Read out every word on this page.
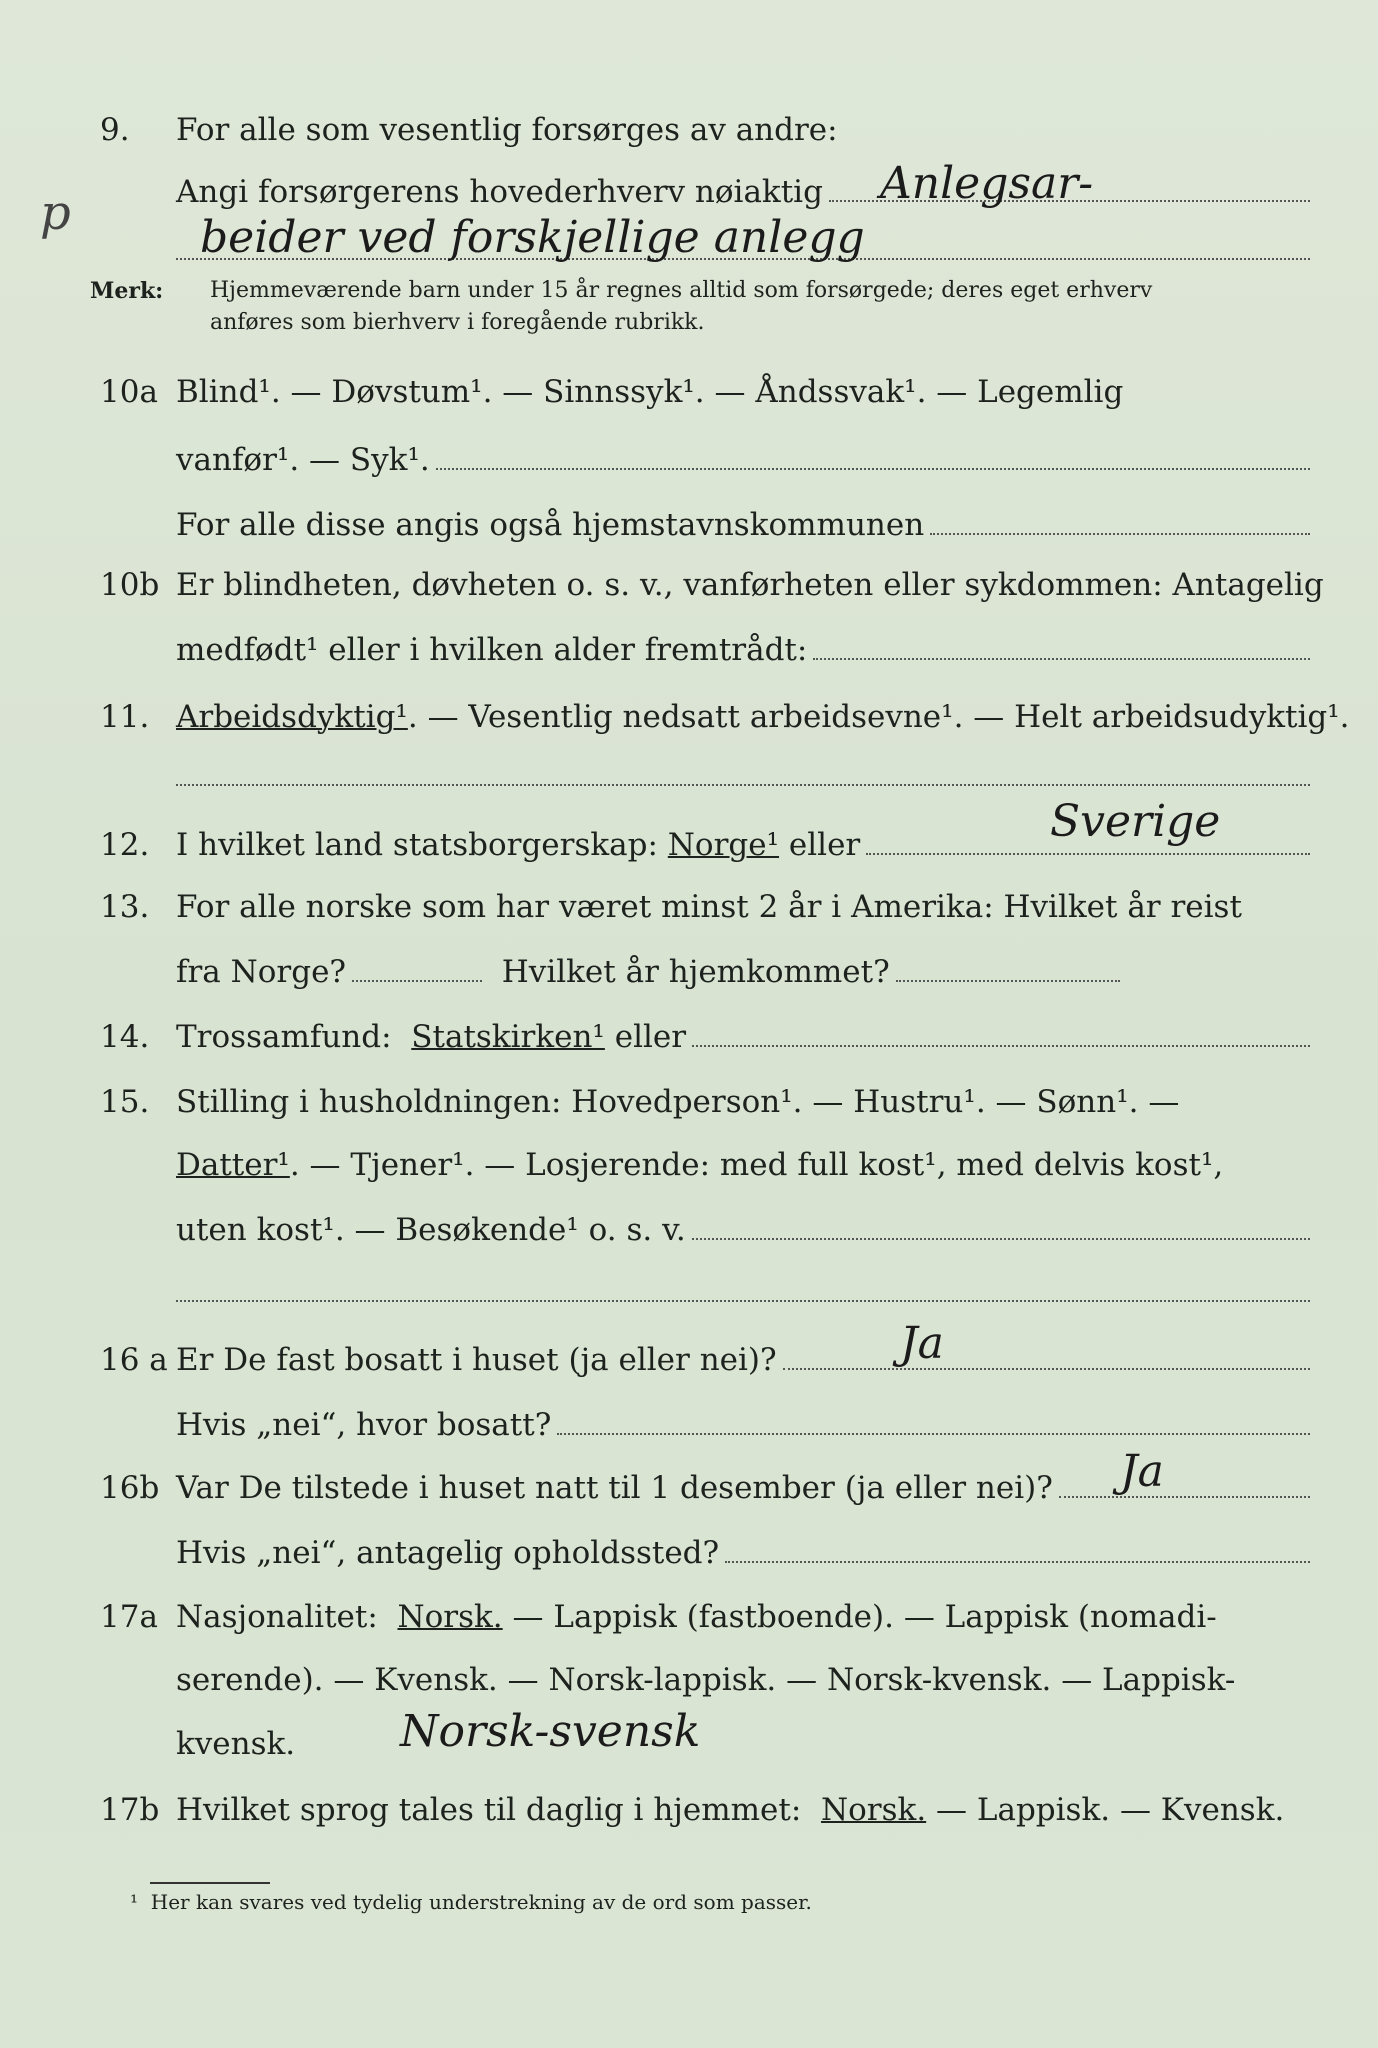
p
9.	For alle som vesentlig forsørges av andre:
Angi forsørgerens hovederhverv nøiaktig Anlegsar-
beider ved forskjellige anlegg
Merk: Hjemmeværende barn under 15 år regnes alltid som forsørgede; deres eget erhverv
anføres som bierhverv i foregående rubrikk.
10a Blind¹. — Døvstum¹. — Sinnssyk¹. — Åndssvak¹. — Legemlig
vanfør¹. — Syk¹.
For alle disse angis også hjemstavnskommunen
10b Er blindheten, døvheten o. s. v., vanførheten eller sykdommen: Antagelig
medfødt¹ eller i hvilken alder fremtrådt:
11. Arbeidsdyktig¹ . — Vesentlig nedsatt arbeidsevne¹. — Helt arbeidsudyktig¹.
12. I hvilket land statsborgerskap:
Norge¹
eller	Sverige
13. For alle norske som har været minst 2 år i Amerika: Hvilket år reist
fra Norge?
	Hvilket år hjemkommet?
14. Trossamfund:
Statskirken¹
eller
15. Stilling i husholdningen: Hovedperson¹. — Hustru¹. — Sønn¹. —
Datter¹ . — Tjener¹. — Losjerende: med full kost¹, med delvis kost¹,
uten kost¹. — Besøkende¹ o. s. v.
16 a Er De fast bosatt i huset (ja eller nei)?	Ja
Hvis „nei“, hvor bosatt?
16b Var De tilstede i huset natt til 1 desember (ja eller nei)? Ja
Hvis „nei“, antagelig opholdssted?
17a Nasjonalitet:
Norsk.
— Lappisk (fastboende). — Lappisk (nomadi-
serende). — Kvensk. — Norsk-lappisk. — Norsk-kvensk. — Lappisk-
kvensk. Norsk-svensk
17b Hvilket sprog tales til daglig i hjemmet:
Norsk.
— Lappisk. — Kvensk.
¹ Her kan svares ved tydelig understrekning av de ord som passer.
